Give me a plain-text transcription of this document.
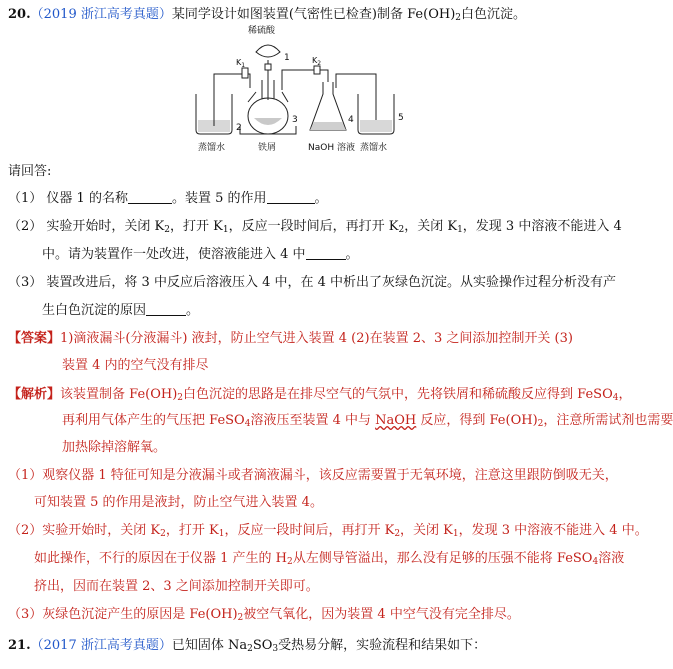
20.（2019 浙江高考真题）某同学设计如图装置(气密性已检查)制备 $Fe(OH)_2$白色沉淀。
稀硫酸
$K_1$
$K_2$
1
2
3	4	5
蒸馏水	铁屑	NaOH 溶液 蒸馏水
请回答:
（1） 仪器 1 的名称	。装置 5 的作用	。
（2） 实验开始时，关闭 $K_2$，打开 $K_1$，反应一段时间后，再打开 $K_2$，关闭 $K_1$，发现 3 中溶液不能进入 4
中。请为装置作一处改进，使溶液能进入 4 中	。
（3） 装置改进后，将 3 中反应后溶液压入 4 中，在 4 中析出了灰绿色沉淀。从实验操作过程分析没有产
生白色沉淀的原因	。
【答案】1)滴液漏斗(分液漏斗) 液封，防止空气进入装置 4 (2)在装置 2、3 之间添加控制开关 (3)
装置 4 内的空气没有排尽
【解析】该装置制备 $Fe(OH)_2$白色沉淀的思路是在排尽空气的气氛中，先将铁屑和稀硫酸反应得到 FeSO$_4$，
再利用气体产生的气压把 FeSO$_4$溶液压至装置 4 中与 NaOH 反应，得到 $Fe(OH)_2$，注意所需试剂也需要
加热除掉溶解氧。
（1）观察仪器 1 特征可知是分液漏斗或者滴液漏斗，该反应需要置于无氧环境，注意这里跟防倒吸无关，
可知装置 5 的作用是液封，防止空气进入装置 4。
（2）实验开始时，关闭 $K_2$，打开 $K_1$，反应一段时间后，再打开 $K_2$，关闭 $K_1$，发现 3 中溶液不能进入 4 中。
如此操作，不行的原因在于仪器 1 产生的 $H_2$从左侧导管溢出，那么没有足够的压强不能将 FeSO$_4$溶液
挤出，因而在装置 2、3 之间添加控制开关即可。
（3）灰绿色沉淀产生的原因是 $Fe(OH)_2$被空气氧化，因为装置 4 中空气没有完全排尽。
21.（2017 浙江高考真题）已知固体 $Na_2SO_3$受热易分解，实验流程和结果如下：
